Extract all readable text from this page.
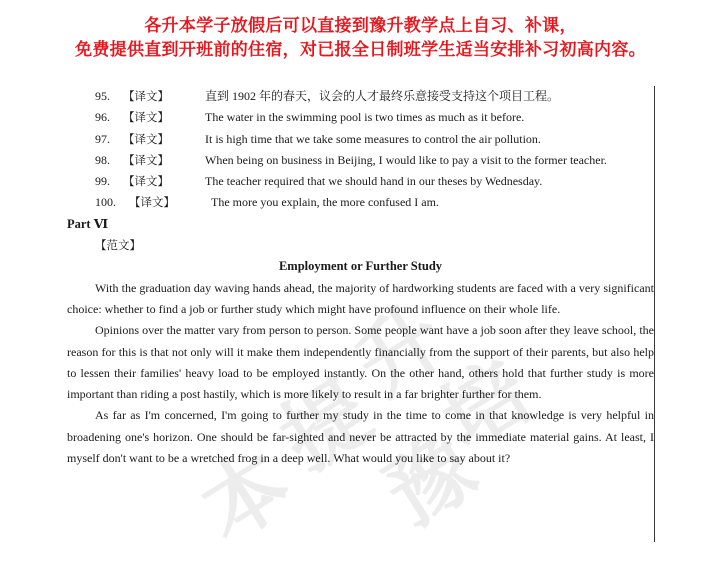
各升本学子放假后可以直接到豫升教学点上自习、补课，
免费提供直到开班前的住宿，对已报全日制班学生适当安排补习初高内容。
本
提
升
豫
培
95. 【译文】	直到 1902 年的春天，议会的人才最终乐意接受支持这个项目工程。
96. 【译文】	The water in the swimming pool is two times as much as it before.
97. 【译文】	It is high time that we take some measures to control the air pollution.
98. 【译文】	When being on business in Beijing, I would like to pay a visit to the former teacher.
99. 【译文】	The teacher required that we should hand in our theses by Wednesday.
100. 【译文】	The more you explain, the more confused I am.
Part Ⅵ
【范文】
Employment or Further Study

With the graduation day waving hands ahead, the majority of hardworking students are faced with a very significant choice: whether to find a job or further study which might have profound influence on their whole life.

Opinions over the matter vary from person to person. Some people want have a job soon after they leave school, the reason for this is that not only will it make them independently financially from the support of their parents, but also help to lessen their families' heavy load to be employed instantly. On the other hand, others hold that further study is more important than riding a post hastily, which is more likely to result in a far brighter further for them.

As far as I'm concerned, I'm going to further my study in the time to come in that knowledge is very helpful in broadening one's horizon. One should be far-sighted and never be attracted by the immediate material gains. At least, I myself don't want to be a wretched frog in a deep well. What would you like to say about it?
